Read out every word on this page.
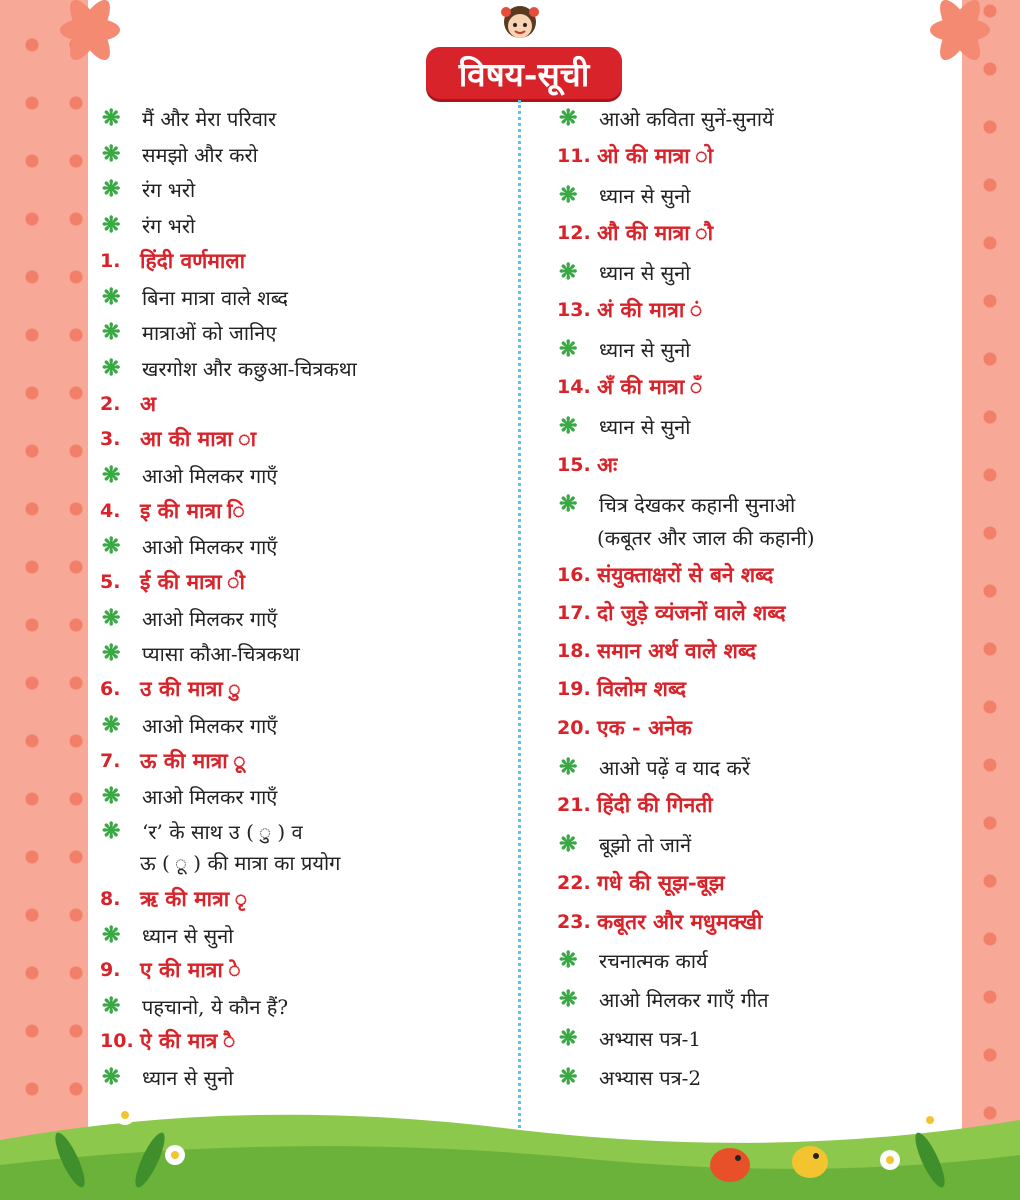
विषय-सूची
❋	मैं और मेरा परिवार
❋	समझो और करो
❋	रंग भरो
❋	रंग भरो
1. हिंदी वर्णमाला
❋	बिना मात्रा वाले शब्द
❋	मात्राओं को जानिए
❋	खरगोश और कछुआ-चित्रकथा
2. अ
3. आ की मात्रा ा
❋	आओ मिलकर गाएँ
4. इ की मात्रा ि
❋	आओ मिलकर गाएँ
5. ई की मात्रा ी
❋	आओ मिलकर गाएँ
❋	प्यासा कौआ-चित्रकथा
6. उ की मात्रा ु
❋	आओ मिलकर गाएँ
7. ऊ की मात्रा ू
❋	आओ मिलकर गाएँ
❋	‘र’ के साथ उ ( ु ) व
ऊ ( ू ) की मात्रा का प्रयोग
8. ऋ की मात्रा ृ
❋	ध्यान से सुनो
9. ए की मात्रा े
❋	पहचानो, ये कौन हैं?
10. ऐ की मात्र ै
❋	ध्यान से सुनो
❋	आओ कविता सुनें-सुनायें
11. ओ की मात्रा ो
❋	ध्यान से सुनो
12. औ की मात्रा ौ
❋	ध्यान से सुनो
13. अं की मात्रा ं
❋	ध्यान से सुनो
14. अँ की मात्रा ँ
❋	ध्यान से सुनो
15. अः
❋	चित्र देखकर कहानी सुनाओ
(कबूतर और जाल की कहानी)
16. संयुक्ताक्षरों से बने शब्द
17. दो जुड़े व्यंजनों वाले शब्द
18. समान अर्थ वाले शब्द
19. विलोम शब्द
20. एक - अनेक
❋	आओ पढ़ें व याद करें
21. हिंदी की गिनती
❋	बूझो तो जानें
22. गधे की सूझ-बूझ
23. कबूतर और मधुमक्खी
❋	रचनात्मक कार्य
❋	आओ मिलकर गाएँ गीत
❋	अभ्यास पत्र-1
❋	अभ्यास पत्र-2
